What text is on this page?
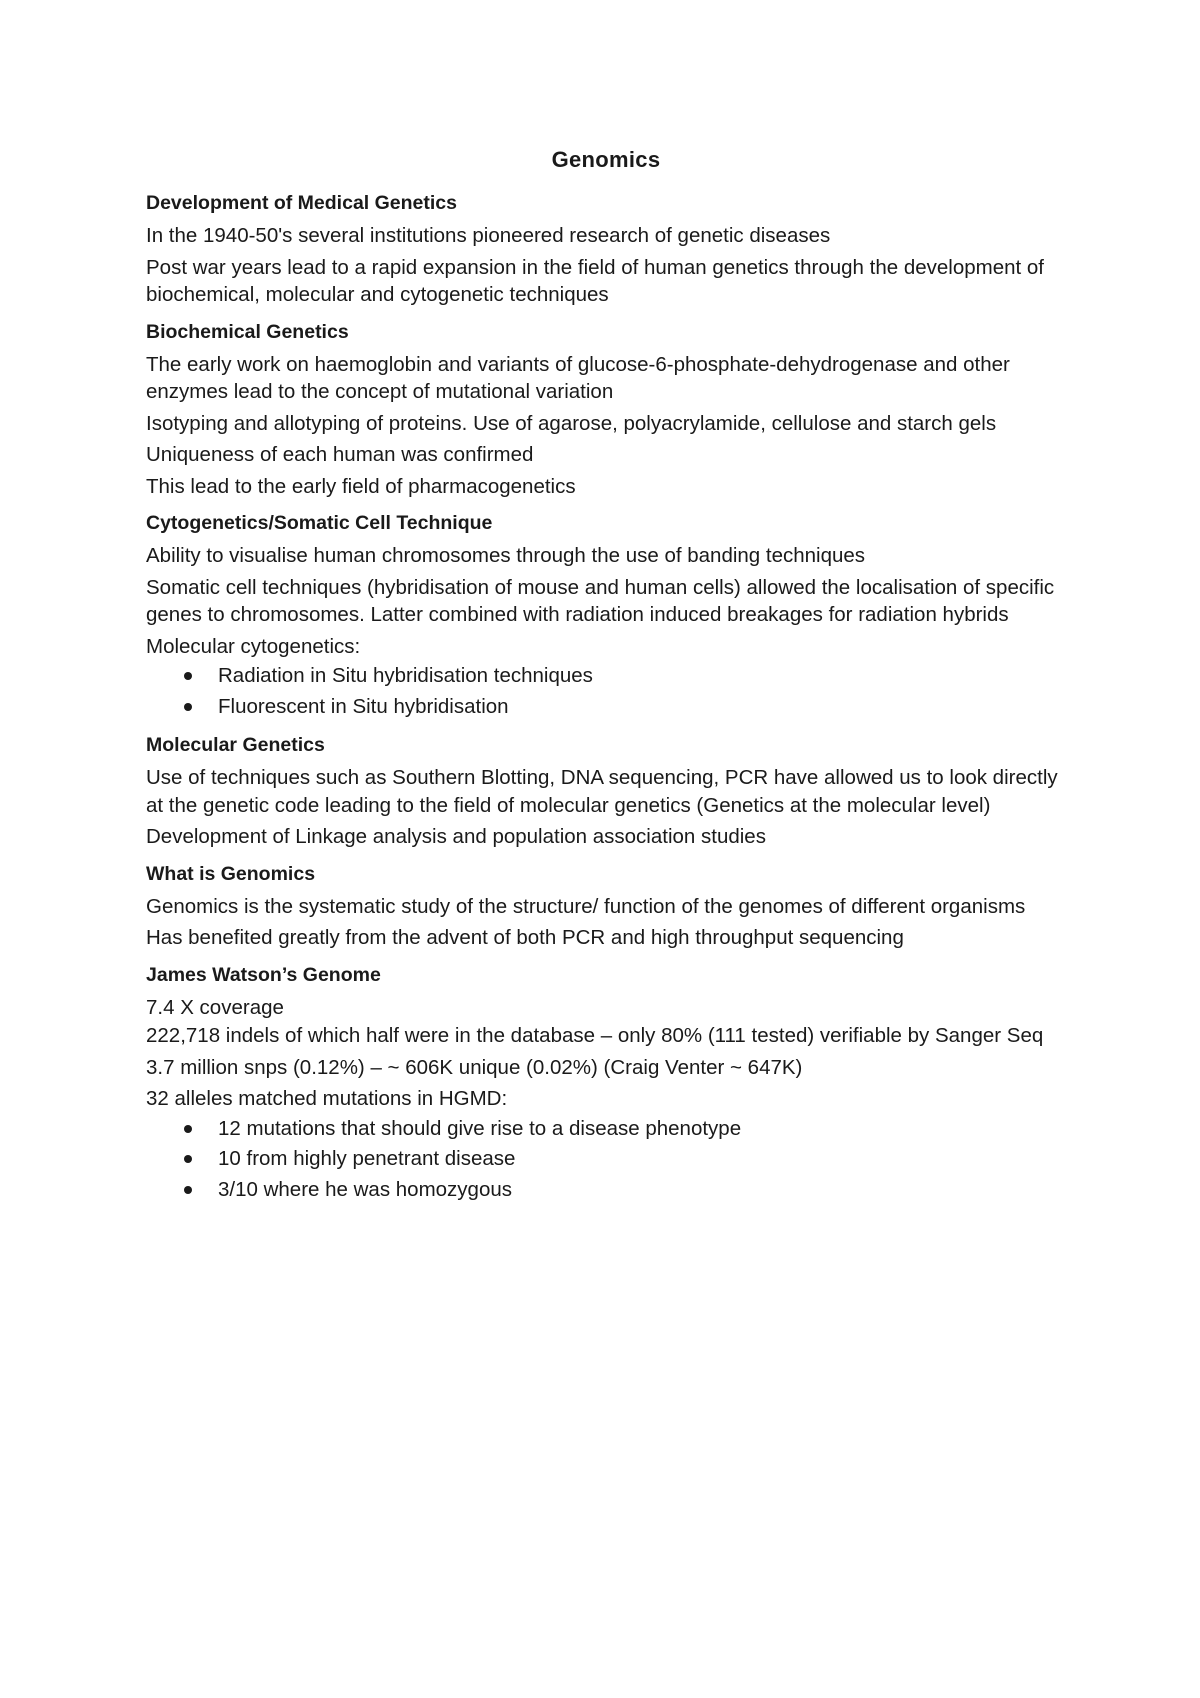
Genomics
Development of Medical Genetics

In the 1940-50's several institutions pioneered research of genetic diseases

Post war years lead to a rapid expansion in the field of human genetics through the development of biochemical, molecular and cytogenetic techniques

Biochemical Genetics

The early work on haemoglobin and variants of glucose-6-phosphate-dehydrogenase and other enzymes lead to the concept of mutational variation

Isotyping and allotyping of proteins. Use of agarose, polyacrylamide, cellulose and starch gels

Uniqueness of each human was confirmed

This lead to the early field of pharmacogenetics

Cytogenetics/Somatic Cell Technique

Ability to visualise human chromosomes through the use of banding techniques

Somatic cell techniques (hybridisation of mouse and human cells) allowed the localisation of specific genes to chromosomes. Latter combined with radiation induced breakages for radiation hybrids

Molecular cytogenetics:

Radiation in Situ hybridisation techniques
Fluorescent in Situ hybridisation
Molecular Genetics

Use of techniques such as Southern Blotting, DNA sequencing, PCR have allowed us to look directly at the genetic code leading to the field of molecular genetics (Genetics at the molecular level)

Development of Linkage analysis and population association studies

What is Genomics

Genomics is the systematic study of the structure/ function of the genomes of different organisms

Has benefited greatly from the advent of both PCR and high throughput sequencing

James Watson’s Genome

7.4 X coverage

222,718 indels of which half were in the database – only 80% (111 tested) verifiable by Sanger Seq

3.7 million snps (0.12%) – ~ 606K unique (0.02%) (Craig Venter ~ 647K)

32 alleles matched mutations in HGMD:

12 mutations that should give rise to a disease phenotype
10 from highly penetrant disease
3/10 where he was homozygous
